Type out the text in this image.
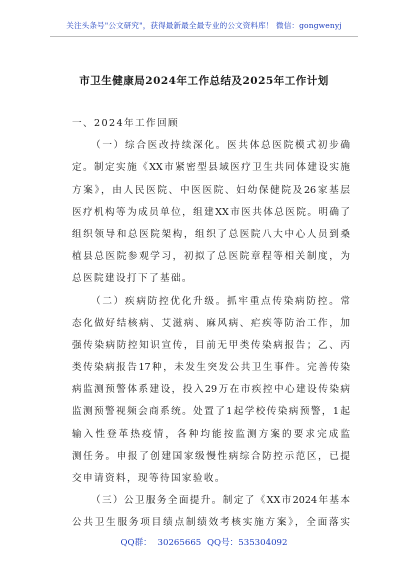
关注头条号"公文研究"，获得最新最全最专业的公文资料库！ 微信：gongwenyj
市卫生健康局2024年工作总结及2025年工作计划
一、2024年工作回顾
（一）综合医改持续深化。医共体总医院模式初步确
定。制定实施《XX市紧密型县域医疗卫生共同体建设实施
方案》，由人民医院、中医医院、妇幼保健院及26家基层
医疗机构等为成员单位，组建XX市医共体总医院。明确了
组织领导和总医院架构，组织了总医院八大中心人员到桑
植县总医院参观学习，初拟了总医院章程等相关制度，为
总医院建设打下了基础。
（二）疾病防控优化升级。抓牢重点传染病防控。常
态化做好结核病、艾滋病、麻风病、疟疾等防治工作，加
强传染病防控知识宣传，目前无甲类传染病报告；乙、丙
类传染病报告17种，未发生突发公共卫生事件。完善传染
病监测预警体系建设，投入29万在市疾控中心建设传染病
监测预警视频会商系统。处置了1起学校传染病预警，1起
输入性登革热疫情，各种均能按监测方案的要求完成监
测任务。申报了创建国家级慢性病综合防控示范区，已提
交申请资料，现等待国家验收。
（三）公卫服务全面提升。制定了《XX市2024年基本
公共卫生服务项目绩点制绩效考核实施方案》，全面落实
QQ群： 30265665 QQ号：535304092
